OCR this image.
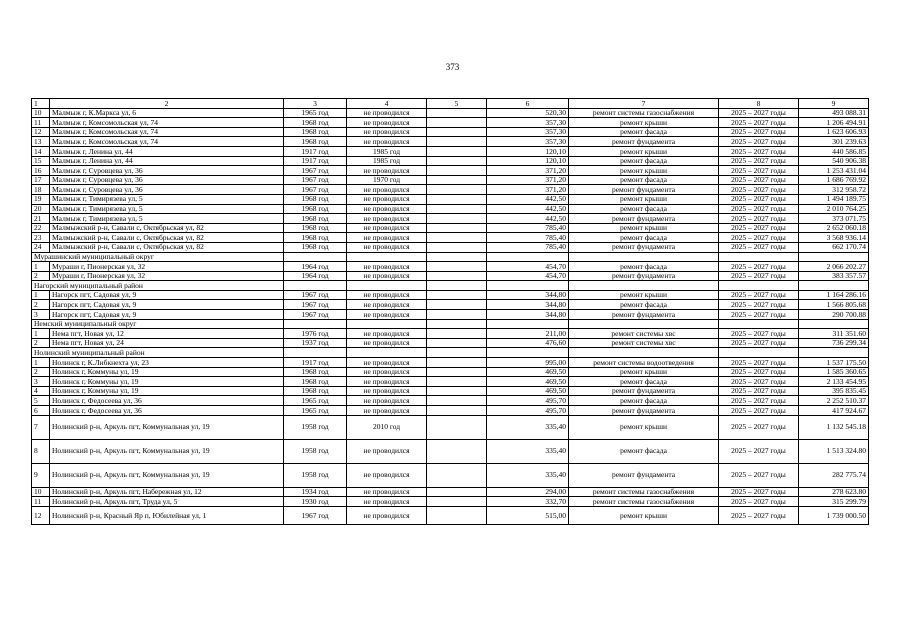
373
1	2	3	4	5	6	7	8	9
10	Малмыж г, К.Маркса ул, 6	1965 год	не проводился		520,30	ремонт системы газоснабжения	2025 – 2027 годы	493 088.31
11	Малмыж г, Комсомольская ул, 74	1968 год	не проводился		357,30	ремонт крыши	2025 – 2027 годы	1 206 494.91
12	Малмыж г, Комсомольская ул, 74	1968 год	не проводился		357,30	ремонт фасада	2025 – 2027 годы	1 623 606.93
13	Малмыж г, Комсомольская ул, 74	1968 год	не проводился		357,30	ремонт фундамента	2025 – 2027 годы	301 239.63
14	Малмыж г, Ленина ул, 44	1917 год	1985 год		120,10	ремонт крыши	2025 – 2027 годы	440 586.85
15	Малмыж г, Ленина ул, 44	1917 год	1985 год		120,10	ремонт фасада	2025 – 2027 годы	540 906.38
16	Малмыж г, Суровцева ул, 36	1967 год	не проводился		371,20	ремонт крыши	2025 – 2027 годы	1 253 431.04
17	Малмыж г, Суровцева ул, 36	1967 год	1970 год		371,20	ремонт фасада	2025 – 2027 годы	1 686 769.92
18	Малмыж г, Суровцева ул, 36	1967 год	не проводился		371,20	ремонт фундамента	2025 – 2027 годы	312 958.72
19	Малмыж г, Тимирязева ул, 5	1968 год	не проводился		442,50	ремонт крыши	2025 – 2027 годы	1 494 189.75
20	Малмыж г, Тимирязева ул, 5	1968 год	не проводился		442,50	ремонт фасада	2025 – 2027 годы	2 010 764.25
21	Малмыж г, Тимирязева ул, 5	1968 год	не проводился		442,50	ремонт фундамента	2025 – 2027 годы	373 071.75
22	Малмыжский р-н, Савали с, Октябрьская ул, 82	1968 год	не проводился		785,40	ремонт крыши	2025 – 2027 годы	2 652 060.18
23	Малмыжский р-н, Савали с, Октябрьская ул, 82	1968 год	не проводился		785,40	ремонт фасада	2025 – 2027 годы	3 568 936.14
24	Малмыжский р-н, Савали с, Октябрьская ул, 82	1968 год	не проводился		785,40	ремонт фундамента	2025 – 2027 годы	662 170.74
Мурашинский муниципальный округ								
1	Мураши г, Пионерская ул, 32	1964 год	не проводился		454,70	ремонт фасада	2025 – 2027 годы	2 066 202.27
2	Мураши г, Пионерская ул, 32	1964 год	не проводился		454,70	ремонт фундамента	2025 – 2027 годы	383 357.57
Нагорский муниципальный район								
1	Нагорск пгт, Садовая ул, 9	1967 год	не проводился		344,80	ремонт крыши	2025 – 2027 годы	1 164 286.16
2	Нагорск пгт, Садовая ул, 9	1967 год	не проводился		344,80	ремонт фасада	2025 – 2027 годы	1 566 805.68
3	Нагорск пгт, Садовая ул, 9	1967 год	не проводился		344,80	ремонт фундамента	2025 – 2027 годы	290 700.88
Немский муниципальный округ								
1	Нема пгт, Новая ул, 12	1976 год	не проводился		211,00	ремонт системы хвс	2025 – 2027 годы	311 351.60
2	Нема пгт, Новая ул, 24	1937 год	не проводился		476,60	ремонт системы хвс	2025 – 2027 годы	736 299.34
Нолинский муниципальный район								
1	Нолинск г, К.Либкнехта ул, 23	1917 год	не проводился		995,00	ремонт системы водоотведения	2025 – 2027 годы	1 537 175.50
2	Нолинск г, Коммуны ул, 19	1968 год	не проводился		469,50	ремонт крыши	2025 – 2027 годы	1 585 360.65
3	Нолинск г, Коммуны ул, 19	1968 год	не проводился		469,50	ремонт фасада	2025 – 2027 годы	2 133 454.95
4	Нолинск г, Коммуны ул, 19	1968 год	не проводился		469,50	ремонт фундамента	2025 – 2027 годы	395 835.45
5	Нолинск г, Федосеева ул, 36	1965 год	не проводился		495,70	ремонт фасада	2025 – 2027 годы	2 252 510.37
6	Нолинск г, Федосеева ул, 36	1965 год	не проводился		495,70	ремонт фундамента	2025 – 2027 годы	417 924.67
7	Нолинский р-н, Аркуль пгт, Коммунальная ул, 19	1958 год	2010 год		335,40	ремонт крыши	2025 – 2027 годы	1 132 545.18
8	Нолинский р-н, Аркуль пгт, Коммунальная ул, 19	1958 год	не проводился		335,40	ремонт фасада	2025 – 2027 годы	1 513 324.80
9	Нолинский р-н, Аркуль пгт, Коммунальная ул, 19	1958 год	не проводился		335,40	ремонт фундамента	2025 – 2027 годы	282 775.74
10	Нолинский р-н, Аркуль пгт, Набережная ул, 12	1934 год	не проводился		294,00	ремонт системы газоснабжения	2025 – 2027 годы	278 623.80
11	Нолинский р-н, Аркуль пгт, Труда ул, 5	1930 год	не проводился		332,70	ремонт системы газоснабжения	2025 – 2027 годы	315 299.79
12	Нолинский р-н, Красный Яр п, Юбилейная ул, 1	1967 год	не проводился		515,00	ремонт крыши	2025 – 2027 годы	1 739 000.50
